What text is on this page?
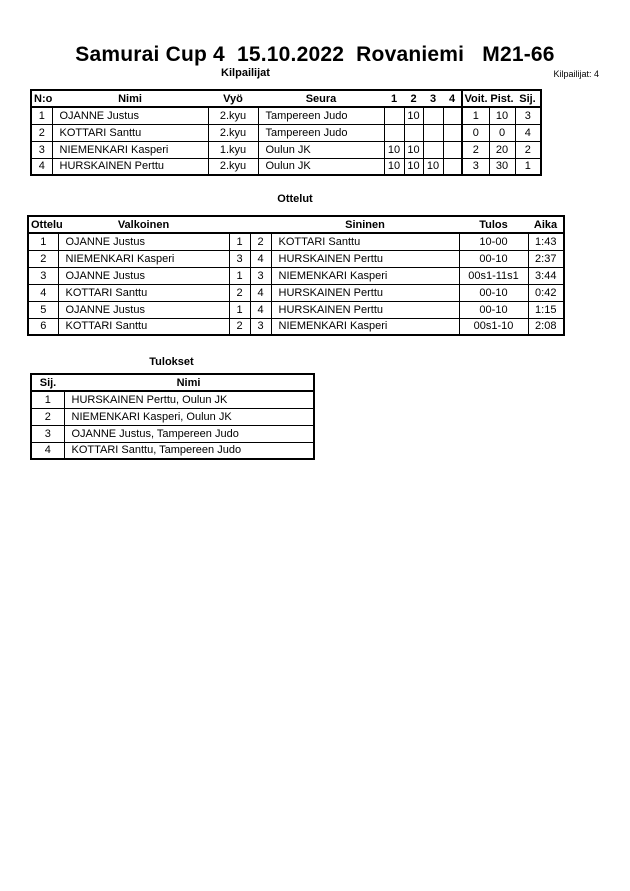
Samurai Cup 4  15.10.2022  Rovaniemi   M21-66
Kilpailijat	Kilpailijat: 4
N:o	Nimi	Vyö	Seura	1	2	3	4	Voit.	Pist.	Sij.
1	OJANNE Justus	2.kyu	Tampereen Judo		10			1	10	3
2	KOTTARI Santtu	2.kyu	Tampereen Judo					0	0	4
3	NIEMENKARI Kasperi	1.kyu	Oulun JK	10	10			2	20	2
4	HURSKAINEN Perttu	2.kyu	Oulun JK	10	10	10		3	30	1
Ottelut
Ottelu	Valkoinen			Sininen	Tulos	Aika
1	OJANNE Justus	1	2	KOTTARI Santtu	10-00	1:43
2	NIEMENKARI Kasperi	3	4	HURSKAINEN Perttu	00-10	2:37
3	OJANNE Justus	1	3	NIEMENKARI Kasperi	00s1-11s1	3:44
4	KOTTARI Santtu	2	4	HURSKAINEN Perttu	00-10	0:42
5	OJANNE Justus	1	4	HURSKAINEN Perttu	00-10	1:15
6	KOTTARI Santtu	2	3	NIEMENKARI Kasperi	00s1-10	2:08
Tulokset
Sij.	Nimi
1	HURSKAINEN Perttu, Oulun JK
2	NIEMENKARI Kasperi, Oulun JK
3	OJANNE Justus, Tampereen Judo
4	KOTTARI Santtu, Tampereen Judo
